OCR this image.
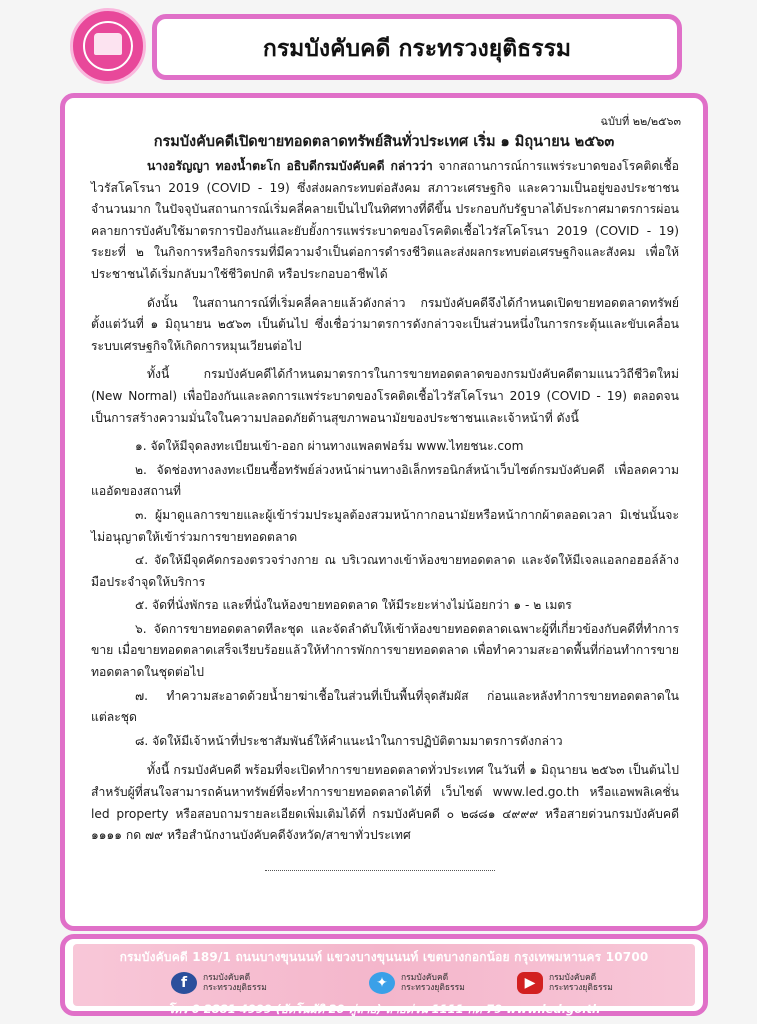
กรมบังคับคดี กระทรวงยุติธรรม
ฉบับที่ ๒๒/๒๕๖๓
กรมบังคับคดีเปิดขายทอดตลาดทรัพย์สินทั่วประเทศ เริ่ม ๑ มิถุนายน ๒๕๖๓

นางอรัญญา ทองน้ำตะโก อธิบดีกรมบังคับคดี กล่าวว่า จากสถานการณ์การแพร่ระบาดของโรคติดเชื้อไวรัสโคโรนา 2019 (COVID - 19) ซึ่งส่งผลกระทบต่อสังคม สภาวะเศรษฐกิจ และความเป็นอยู่ของประชาชนจำนวนมาก ในปัจจุบันสถานการณ์เริ่มคลี่คลายเป็นไปในทิศทางที่ดีขึ้น ประกอบกับรัฐบาลได้ประกาศมาตรการผ่อนคลายการบังคับใช้มาตรการป้องกันและยับยั้งการแพร่ระบาดของโรคติดเชื้อไวรัสโคโรนา 2019 (COVID - 19) ระยะที่ ๒ ในกิจการหรือกิจกรรมที่มีความจำเป็นต่อการดำรงชีวิตและส่งผลกระทบต่อเศรษฐกิจและสังคม เพื่อให้ประชาชนได้เริ่มกลับมาใช้ชีวิตปกติ หรือประกอบอาชีพได้

ดังนั้น ในสถานการณ์ที่เริ่มคลี่คลายแล้วดังกล่าว กรมบังคับคดีจึงได้กำหนดเปิดขายทอดตลาดทรัพย์ตั้งแต่วันที่ ๑ มิถุนายน ๒๕๖๓ เป็นต้นไป ซึ่งเชื่อว่ามาตรการดังกล่าวจะเป็นส่วนหนึ่งในการกระตุ้นและขับเคลื่อนระบบเศรษฐกิจให้เกิดการหมุนเวียนต่อไป

ทั้งนี้ กรมบังคับคดีได้กำหนดมาตรการในการขายทอดตลาดของกรมบังคับคดีตามแนววิถีชีวิตใหม่ (New Normal) เพื่อป้องกันและลดการแพร่ระบาดของโรคติดเชื้อไวรัสโคโรนา 2019 (COVID - 19) ตลอดจนเป็นการสร้างความมั่นใจในความปลอดภัยด้านสุขภาพอนามัยของประชาชนและเจ้าหน้าที่ ดังนี้

๑. จัดให้มีจุดลงทะเบียนเข้า-ออก ผ่านทางแพลตฟอร์ม www.ไทยชนะ.com

๒. จัดช่องทางลงทะเบียนซื้อทรัพย์ล่วงหน้าผ่านทางอิเล็กทรอนิกส์หน้าเว็บไซต์กรมบังคับคดี เพื่อลดความแออัดของสถานที่

๓. ผู้มาดูแลการขายและผู้เข้าร่วมประมูลต้องสวมหน้ากากอนามัยหรือหน้ากากผ้าตลอดเวลา มิเช่นนั้นจะไม่อนุญาตให้เข้าร่วมการขายทอดตลาด

๔. จัดให้มีจุดคัดกรองตรวจร่างกาย ณ บริเวณทางเข้าห้องขายทอดตลาด และจัดให้มีเจลแอลกอฮอล์ล้างมือประจำจุดให้บริการ

๕. จัดที่นั่งพักรอ และที่นั่งในห้องขายทอดตลาด ให้มีระยะห่างไม่น้อยกว่า ๑ - ๒ เมตร

๖. จัดการขายทอดตลาดทีละชุด และจัดลำดับให้เข้าห้องขายทอดตลาดเฉพาะผู้ที่เกี่ยวข้องกับคดีที่ทำการขาย เมื่อขายทอดตลาดเสร็จเรียบร้อยแล้วให้ทำการพักการขายทอดตลาด เพื่อทำความสะอาดพื้นที่ก่อนทำการขายทอดตลาดในชุดต่อไป

๗. ทำความสะอาดด้วยน้ำยาฆ่าเชื้อในส่วนที่เป็นพื้นที่จุดสัมผัส ก่อนและหลังทำการขายทอดตลาดในแต่ละชุด

๘. จัดให้มีเจ้าหน้าที่ประชาสัมพันธ์ให้คำแนะนำในการปฏิบัติตามมาตรการดังกล่าว

ทั้งนี้ กรมบังคับคดี พร้อมที่จะเปิดทำการขายทอดตลาดทั่วประเทศ ในวันที่ ๑ มิถุนายน ๒๕๖๓ เป็นต้นไป สำหรับผู้ที่สนใจสามารถค้นหาทรัพย์ที่จะทำการขายทอดตลาดได้ที่ เว็บไซต์ www.led.go.th หรือแอพพลิเคชั่น led property หรือสอบถามรายละเอียดเพิ่มเติมได้ที่ กรมบังคับคดี ๐ ๒๘๘๑ ๔๙๙๙ หรือสายด่วนกรมบังคับคดี ๑๑๑๑ กด ๗๙ หรือสำนักงานบังคับคดีจังหวัด/สาขาทั่วประเทศ

กรมบังคับคดี 189/1 ถนนบางขุนนนท์ แขวงบางขุนนนท์ เขตบางกอกน้อย กรุงเทพมหานคร 10700
f	กรมบังคับคดี
กระทรวงยุติธรรม	✦	กรมบังคับคดี
กระทรวงยุติธรรม	▶	กรมบังคับคดี
กระทรวงยุติธรรม
โทร 0 2881 4999 (อัตโนมัติ 20 คู่สาย) สายด่วน 1111 กด 79 www.led.go.th
